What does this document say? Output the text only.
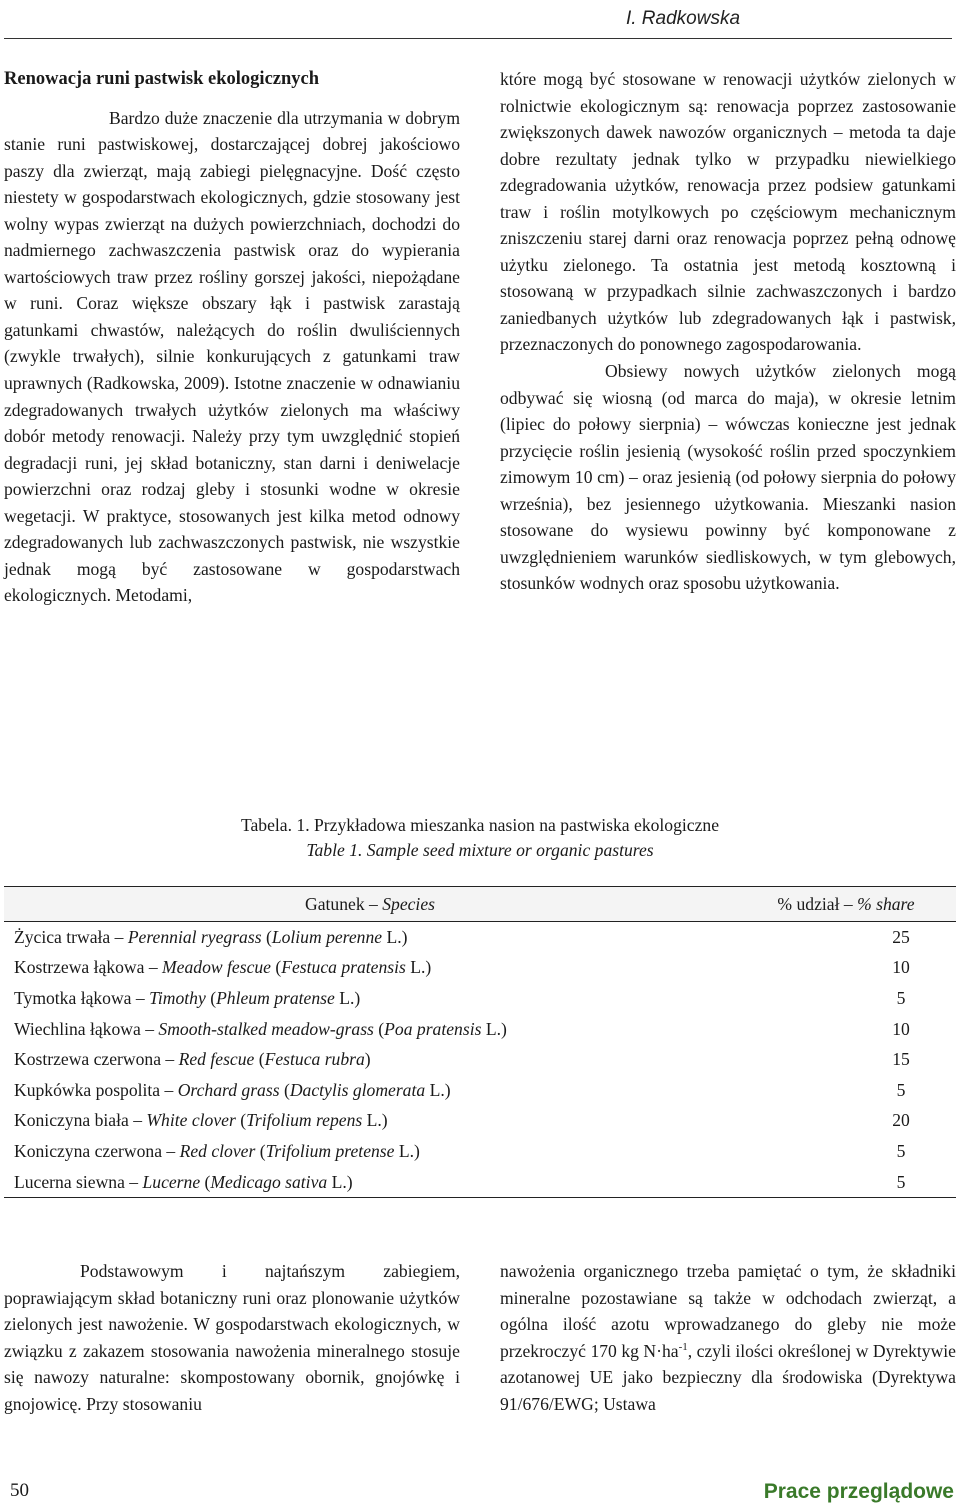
I. Radkowska
Renowacja runi pastwisk ekologicznych

Bardzo duże znaczenie dla utrzymania w dobrym stanie runi pastwiskowej, dostarczającej dobrej jakościowo paszy dla zwierząt, mają zabiegi pielęgnacyjne. Dość często niestety w gospodarstwach ekologicznych, gdzie stosowany jest wolny wypas zwierząt na dużych powierzchniach, dochodzi do nadmiernego zachwaszczenia pastwisk oraz do wypierania wartościowych traw przez rośliny gorszej jakości, niepożądane w runi. Coraz większe obszary łąk i pastwisk zarastają gatunkami chwastów, należących do roślin dwuliściennych (zwykle trwałych), silnie konkurujących z gatunkami traw uprawnych (Radkowska, 2009). Istotne znaczenie w odnawianiu zdegradowanych trwałych użytków zielonych ma właściwy dobór metody renowacji. Należy przy tym uwzględnić stopień degradacji runi, jej skład botaniczny, stan darni i deniwelacje powierzchni oraz rodzaj gleby i stosunki wodne w okresie wegetacji. W praktyce, stosowanych jest kilka metod odnowy zdegradowanych lub zachwaszczonych pastwisk, nie wszystkie jednak mogą być zastosowane w gospodarstwach ekologicznych. Metodami,

które mogą być stosowane w renowacji użytków zielonych w rolnictwie ekologicznym są: renowacja poprzez zastosowanie zwiększonych dawek nawozów organicznych – metoda ta daje dobre rezultaty jednak tylko w przypadku niewielkiego zdegradowania użytków, renowacja przez podsiew gatunkami traw i roślin motylkowych po częściowym mechanicznym zniszczeniu starej darni oraz renowacja poprzez pełną odnowę użytku zielonego. Ta ostatnia jest metodą kosztowną i stosowaną w przypadkach silnie zachwaszczonych i bardzo zaniedbanych użytków lub zdegradowanych łąk i pastwisk, przeznaczonych do ponownego zagospodarowania.

Obsiewy nowych użytków zielonych mogą odbywać się wiosną (od marca do maja), w okresie letnim (lipiec do połowy sierpnia) – wówczas konieczne jest jednak przycięcie roślin jesienią (wysokość roślin przed spoczynkiem zimowym 10 cm) – oraz jesienią (od połowy sierpnia do połowy września), bez jesiennego użytkowania. Mieszanki nasion stosowane do wysiewu powinny być komponowane z uwzględnieniem warunków siedliskowych, w tym glebowych, stosunków wodnych oraz sposobu użytkowania.

Tabela. 1. Przykładowa mieszanka nasion na pastwiska ekologiczne
Table 1. Sample seed mixture or organic pastures
Gatunek – Species	% udział – % share
Życica trwała – Perennial ryegrass (Lolium perenne L.)	25
Kostrzewa łąkowa – Meadow fescue (Festuca pratensis L.)	10
Tymotka łąkowa – Timothy (Phleum pratense L.)	5
Wiechlina łąkowa – Smooth-stalked meadow-grass (Poa pratensis L.)	10
Kostrzewa czerwona – Red fescue (Festuca rubra)	15
Kupkówka pospolita – Orchard grass (Dactylis glomerata L.)	5
Koniczyna biała – White clover (Trifolium repens L.)	20
Koniczyna czerwona – Red clover (Trifolium pretense L.)	5
Lucerna siewna – Lucerne (Medicago sativa L.)	5

Podstawowym i najtańszym zabiegiem, poprawiającym skład botaniczny runi oraz plonowanie użytków zielonych jest nawożenie. W gospodarstwach ekologicznych, w związku z zakazem stosowania nawożenia mineralnego stosuje się nawozy naturalne: skompostowany obornik, gnojówkę i gnojowicę. Przy stosowaniu

nawożenia organicznego trzeba pamiętać o tym, że składniki mineralne pozostawiane są także w odchodach zwierząt, a ogólna ilość azotu wprowadzanego do gleby nie może przekroczyć 170 kg $N\cdot ha^{-1}$, czyli ilości określonej w Dyrektywie azotanowej UE jako bezpieczny dla środowiska (Dyrektywa 91/676/EWG; Ustawa

50	Prace przeglądowe
